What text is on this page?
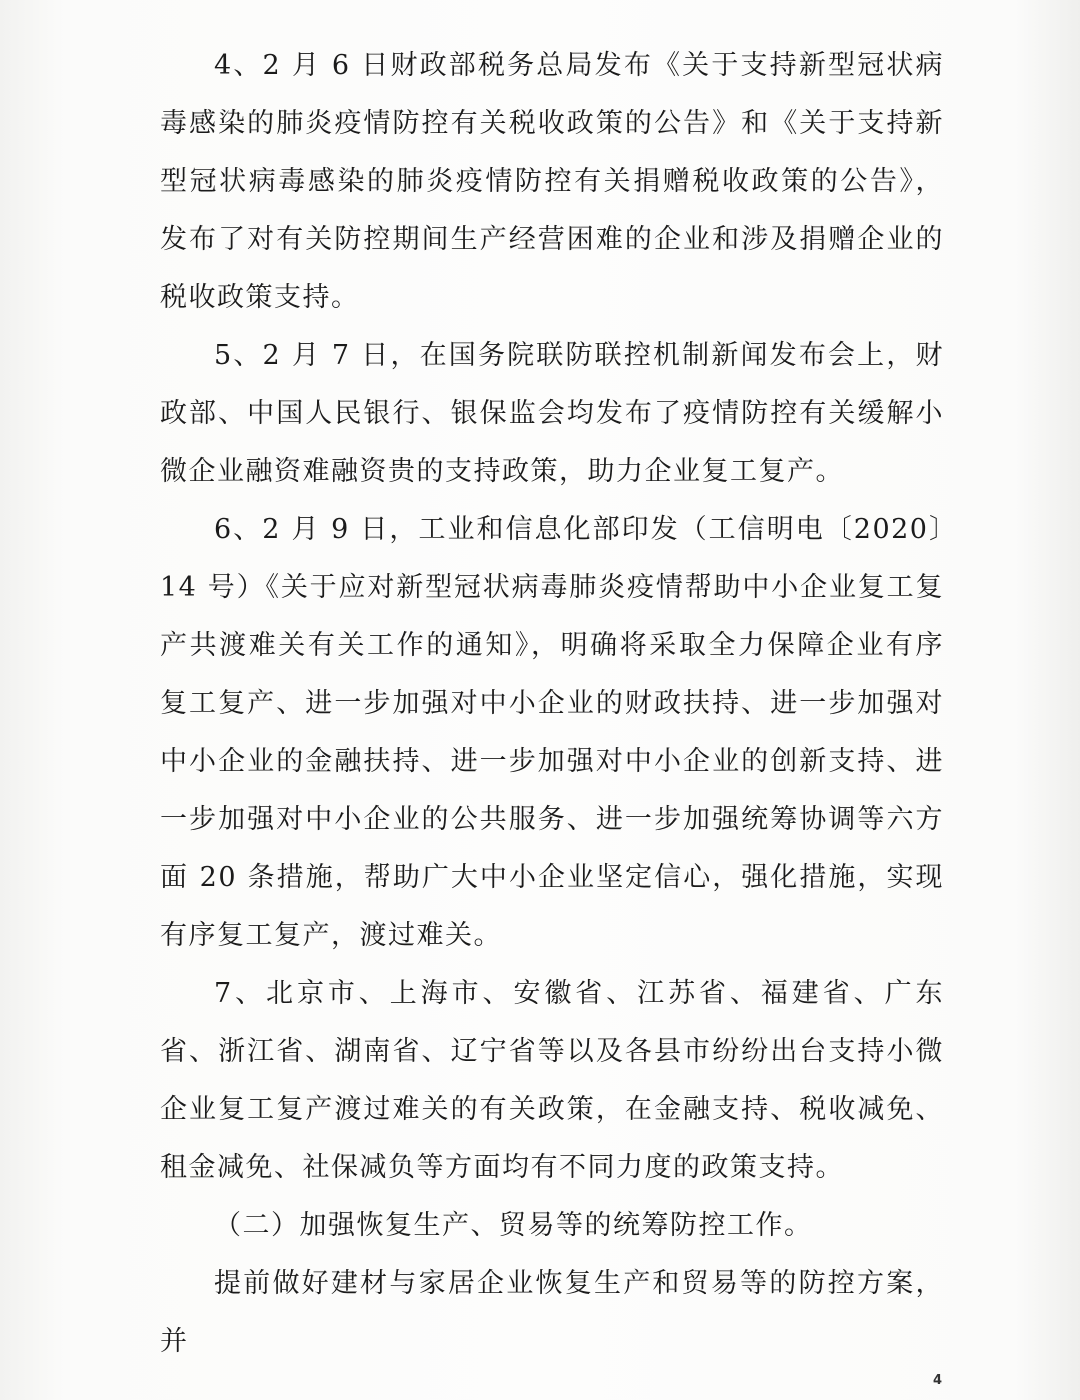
4、2 月 6 日财政部税务总局发布《关于支持新型冠状病毒感染的肺炎疫情防控有关税收政策的公告》和《关于支持新型冠状病毒感染的肺炎疫情防控有关捐赠税收政策的公告》，发布了对有关防控期间生产经营困难的企业和涉及捐赠企业的税收政策支持。

5、2 月 7 日，在国务院联防联控机制新闻发布会上，财政部、中国人民银行、银保监会均发布了疫情防控有关缓解小微企业融资难融资贵的支持政策，助力企业复工复产。

6、2 月 9 日，工业和信息化部印发（工信明电〔2020〕14 号）《关于应对新型冠状病毒肺炎疫情帮助中小企业复工复产共渡难关有关工作的通知》，明确将采取全力保障企业有序复工复产、进一步加强对中小企业的财政扶持、进一步加强对中小企业的金融扶持、进一步加强对中小企业的创新支持、进一步加强对中小企业的公共服务、进一步加强统筹协调等六方面 20 条措施，帮助广大中小企业坚定信心，强化措施，实现有序复工复产，渡过难关。

7、北京市、上海市、安徽省、江苏省、福建省、广东省、浙江省、湖南省、辽宁省等以及各县市纷纷出台支持小微企业复工复产渡过难关的有关政策，在金融支持、税收减免、租金减免、社保减负等方面均有不同力度的政策支持。

（二）加强恢复生产、贸易等的统筹防控工作。

提前做好建材与家居企业恢复生产和贸易等的防控方案，并

4
